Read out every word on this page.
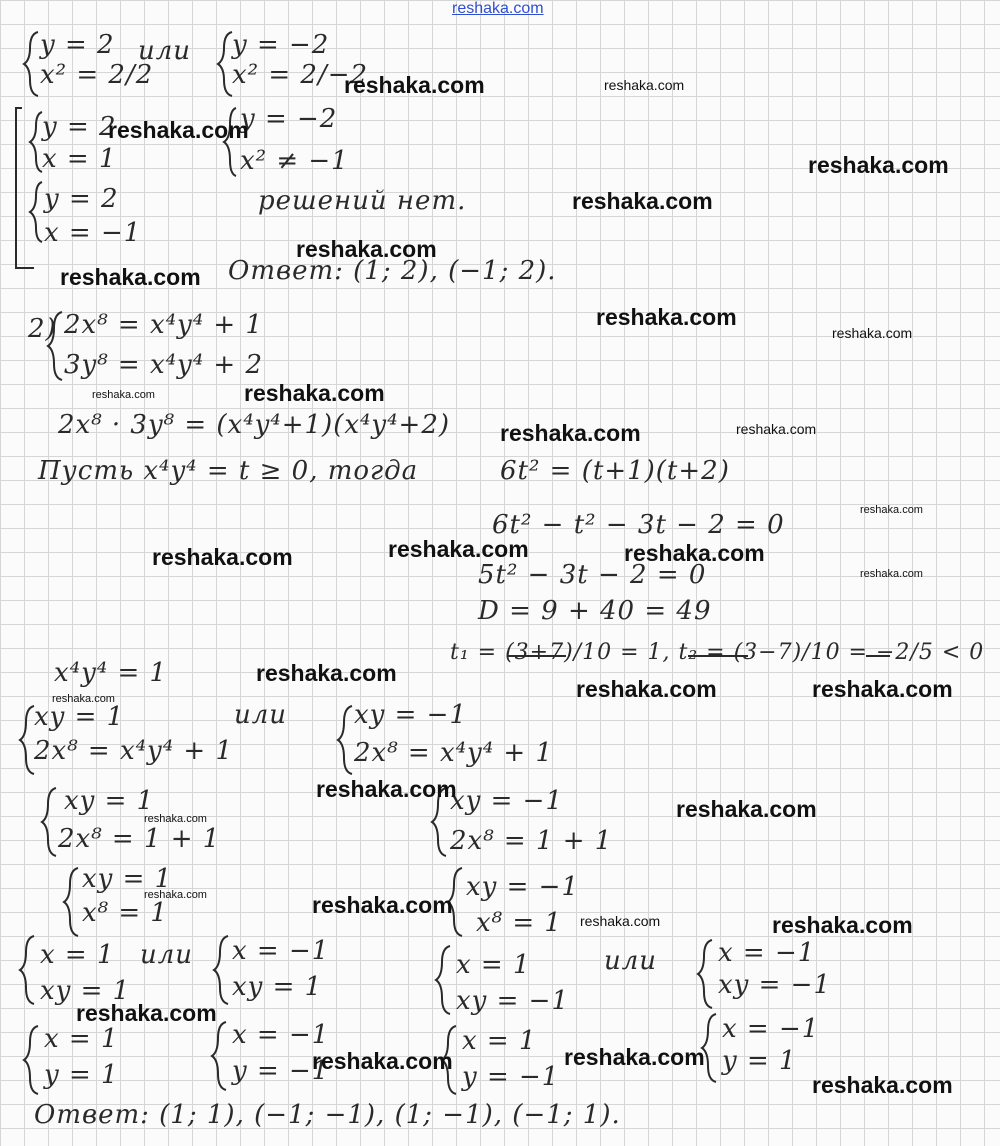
reshaka.com
y = 2
x² = 2/2
или y = −2
x² = 2/−2
y = 2
x = 1
y = −2
x² ≠ −1
y = 2
x = −1
решений нет.
Ответ: (1; 2), (−1; 2).
2) 2x⁸ = x⁴y⁴ + 1
3y⁸ = x⁴y⁴ + 2
2x⁸ · 3y⁸ = (x⁴y⁴+1)(x⁴y⁴+2)
Пусть x⁴y⁴ = t ≥ 0, тогда	6t² = (t+1)(t+2)
6t² − t² − 3t − 2 = 0
5t² − 3t − 2 = 0
D = 9 + 40 = 49
t₁ = (3+7)/10 = 1, t₂ = (3−7)/10 = −2/5 < 0
x⁴y⁴ = 1
xy = 1
2x⁸ = x⁴y⁴ + 1
или	xy = −1
2x⁸ = x⁴y⁴ + 1
xy = 1
2x⁸ = 1 + 1
xy = −1
2x⁸ = 1 + 1
xy = 1
x⁸ = 1
xy = −1
x⁸ = 1
x = 1 или
xy = 1
x = −1
xy = 1
x = 1
xy = −1
или x = −1
xy = −1
x = 1
y = 1
x = −1
y = −1
x = 1
y = −1
x = −1
y = 1
Ответ: (1; 1), (−1; −1), (1; −1), (−1; 1).
reshaka.com	reshaka.com
reshaka.com
reshaka.com
reshaka.com
reshaka.com
reshaka.com
reshaka.com
reshaka.com
reshaka.com	reshaka.com
reshaka.com	reshaka.com
reshaka.com
reshaka.com	reshaka.com	reshaka.com
reshaka.com
reshaka.com
reshaka.com	reshaka.com
reshaka.com
reshaka.com
reshaka.com
reshaka.com
reshaka.com	reshaka.com
reshaka.com	reshaka.com
reshaka.com
reshaka.com	reshaka.com
reshaka.com
